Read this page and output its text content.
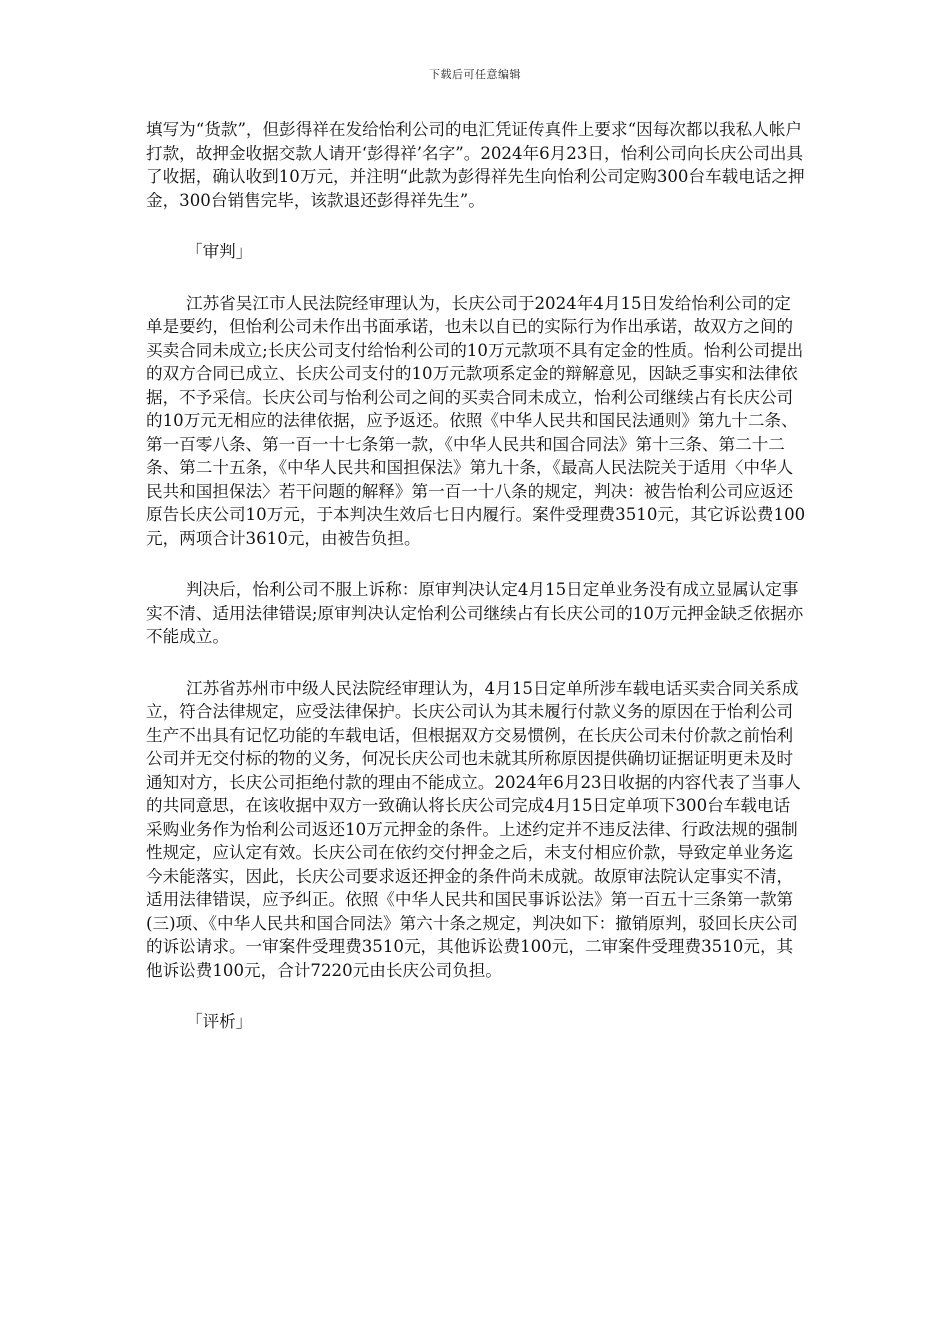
下载后可任意编辑

填写为“货款”，但彭得祥在发给怡利公司的电汇凭证传真件上要求“因每次都以我私人帐户打款，故押金收据交款人请开‘彭得祥’名字”。2024年6月23日，怡利公司向长庆公司出具了收据，确认收到10万元，并注明“此款为彭得祥先生向怡利公司定购300台车载电话之押金，300台销售完毕，该款退还彭得祥先生”。

「审判」

江苏省吴江市人民法院经审理认为，长庆公司于2024年4月15日发给怡利公司的定单是要约，但怡利公司未作出书面承诺，也未以自已的实际行为作出承诺，故双方之间的买卖合同未成立;长庆公司支付给怡利公司的10万元款项不具有定金的性质。怡利公司提出的双方合同已成立、长庆公司支付的10万元款项系定金的辩解意见，因缺乏事实和法律依据，不予采信。长庆公司与怡利公司之间的买卖合同未成立，怡利公司继续占有长庆公司的10万元无相应的法律依据，应予返还。依照《中华人民共和国民法通则》第九十二条、第一百零八条、第一百一十七条第一款，《中华人民共和国合同法》第十三条、第二十二条、第二十五条，《中华人民共和国担保法》第九十条，《最高人民法院关于适用〈中华人民共和国担保法〉若干问题的解释》第一百一十八条的规定，判决：被告怡利公司应返还原告长庆公司10万元，于本判决生效后七日内履行。案件受理费3510元，其它诉讼费100元，两项合计3610元，由被告负担。

判决后，怡利公司不服上诉称：原审判决认定4月15日定单业务没有成立显属认定事实不清、适用法律错误;原审判决认定怡利公司继续占有长庆公司的10万元押金缺乏依据亦不能成立。

江苏省苏州市中级人民法院经审理认为，4月15日定单所涉车载电话买卖合同关系成立，符合法律规定，应受法律保护。长庆公司认为其未履行付款义务的原因在于怡利公司生产不出具有记忆功能的车载电话，但根据双方交易惯例，在长庆公司未付价款之前怡利公司并无交付标的物的义务，何况长庆公司也未就其所称原因提供确切证据证明更未及时通知对方，长庆公司拒绝付款的理由不能成立。2024年6月23日收据的内容代表了当事人的共同意思，在该收据中双方一致确认将长庆公司完成4月15日定单项下300台车载电话采购业务作为怡利公司返还10万元押金的条件。上述约定并不违反法律、行政法规的强制性规定，应认定有效。长庆公司在依约交付押金之后，未支付相应价款，导致定单业务迄今未能落实，因此，长庆公司要求返还押金的条件尚未成就。故原审法院认定事实不清，适用法律错误，应予纠正。依照《中华人民共和国民事诉讼法》第一百五十三条第一款第(三)项、《中华人民共和国合同法》第六十条之规定，判决如下：撤销原判，驳回长庆公司的诉讼请求。一审案件受理费3510元，其他诉讼费100元，二审案件受理费3510元，其他诉讼费100元，合计7220元由长庆公司负担。

「评析」
